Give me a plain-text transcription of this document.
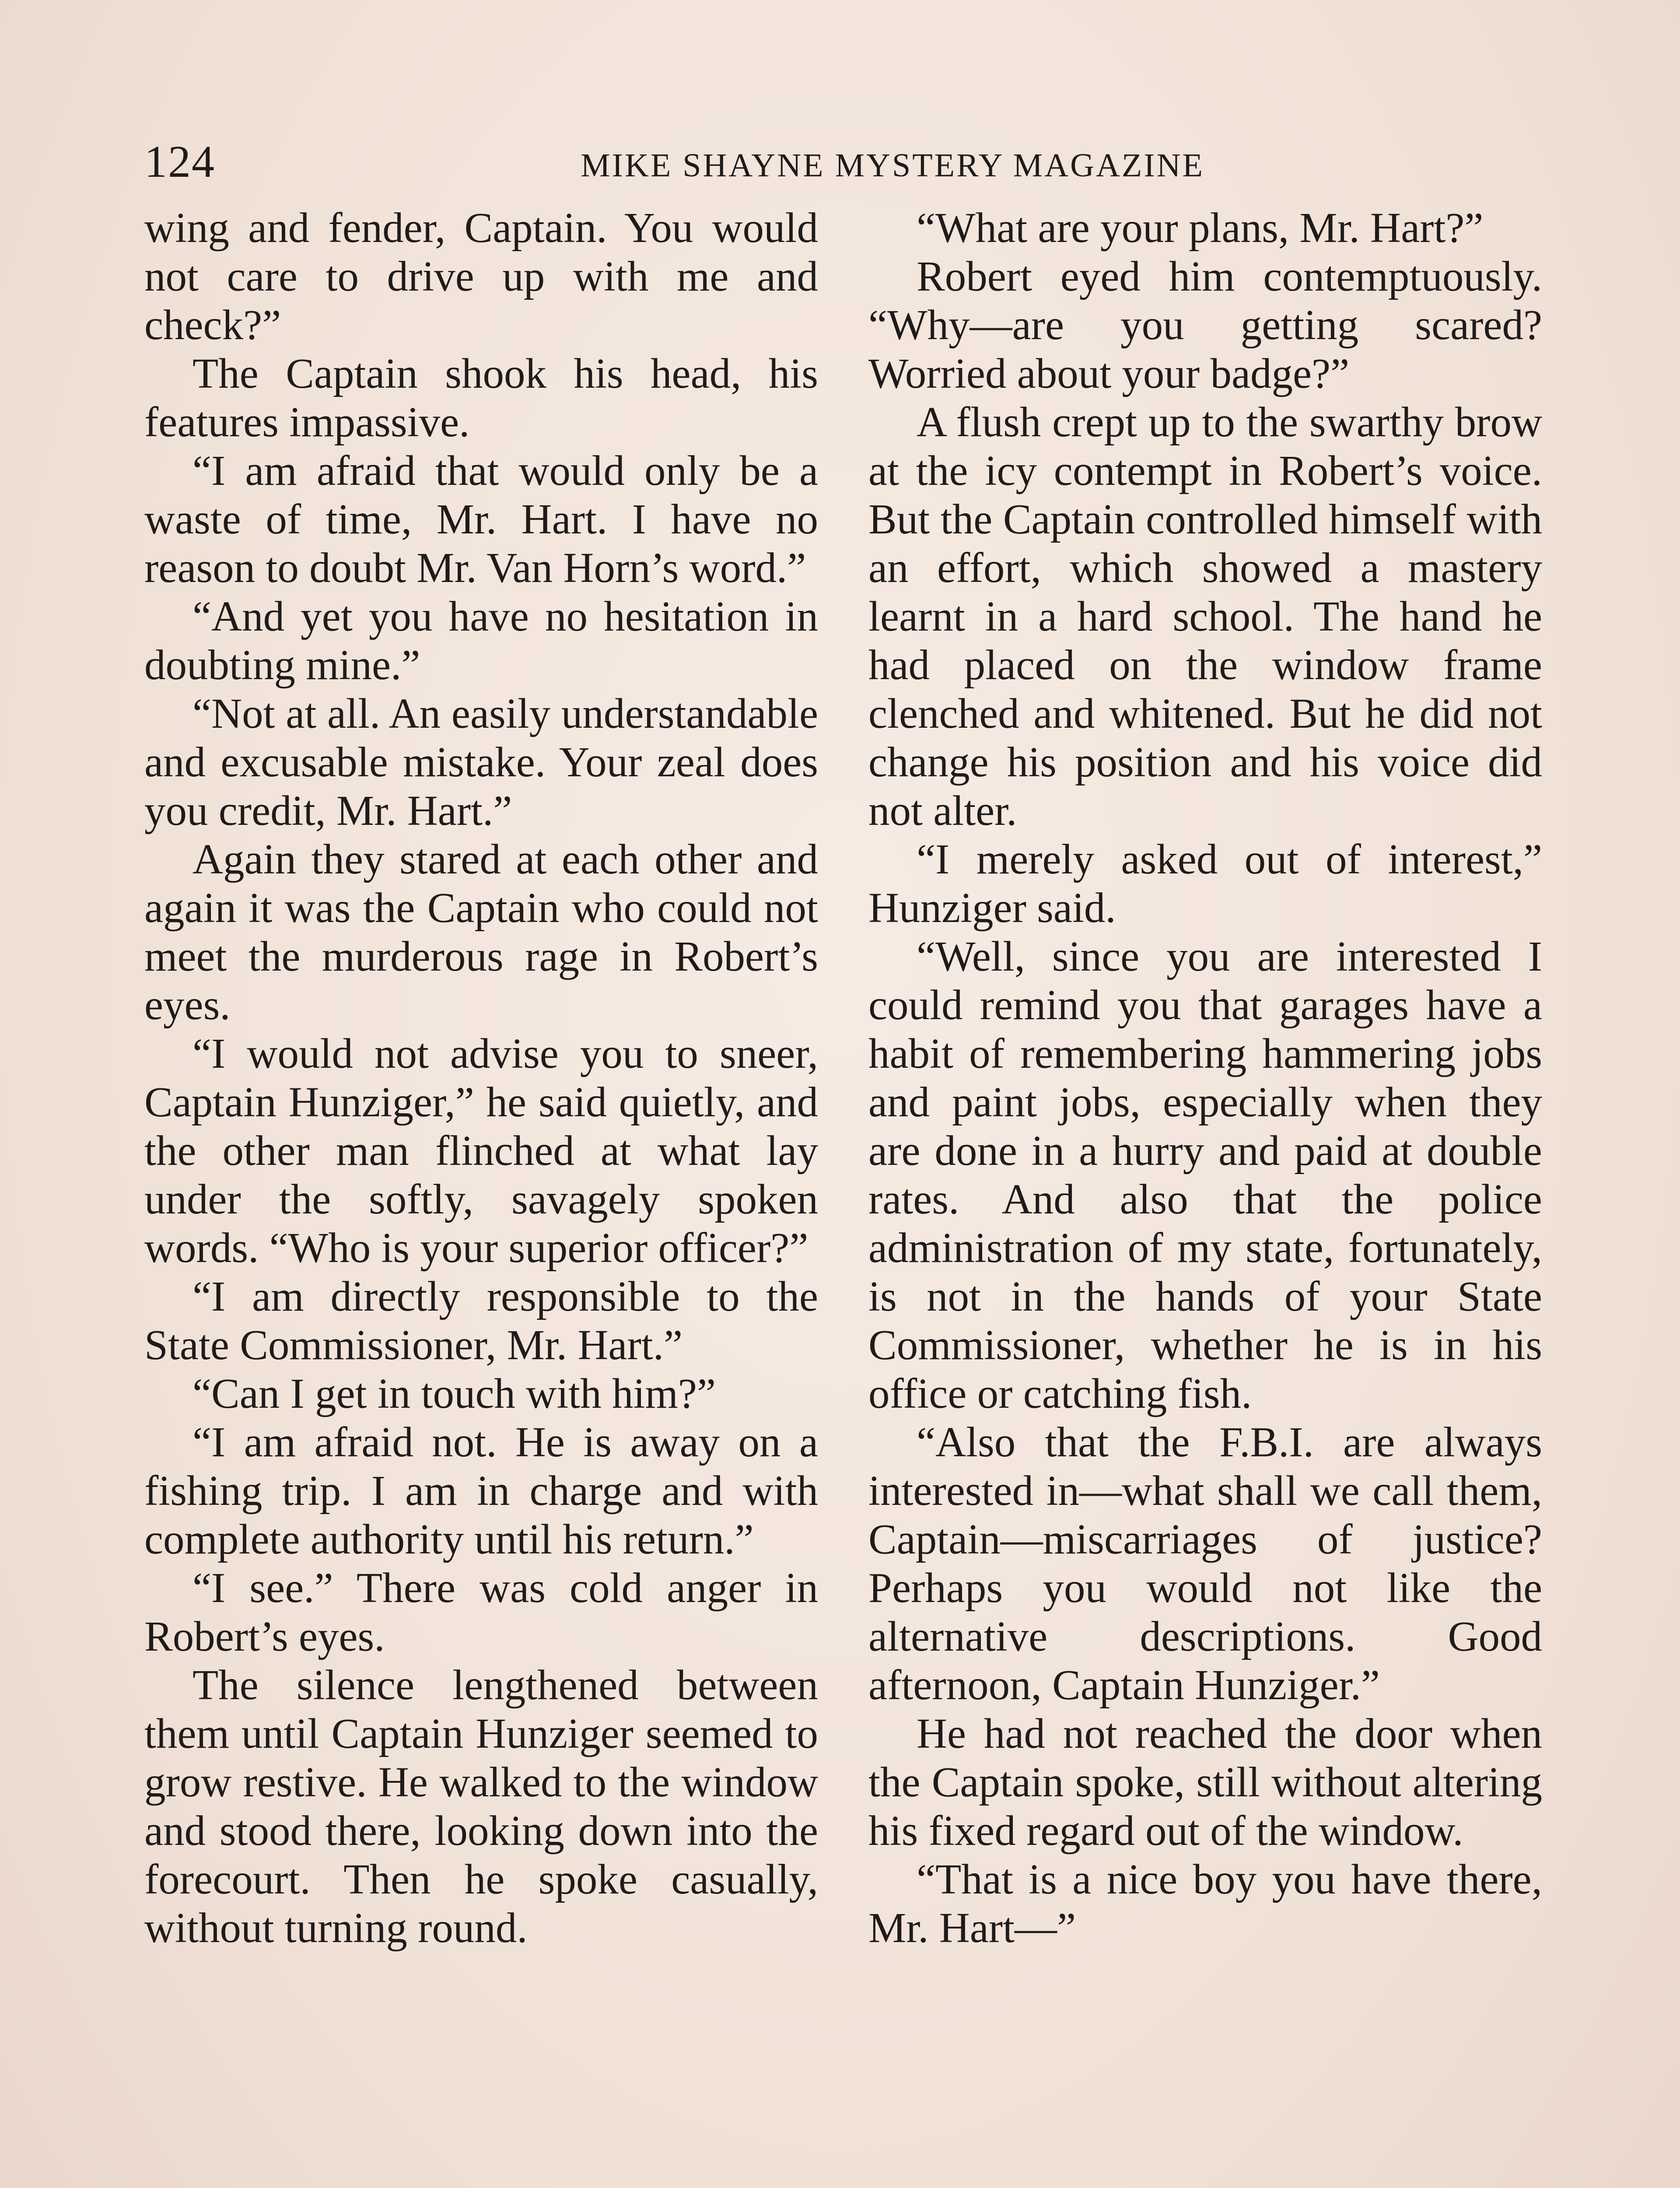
124	MIKE SHAYNE MYSTERY MAGAZINE

wing and fender, Captain. You would not care to drive up with me and check?”

The Captain shook his head, his features impassive.

“I am afraid that would only be a waste of time, Mr. Hart. I have no reason to doubt Mr. Van Horn’s word.”

“And yet you have no hesitation in doubting mine.”

“Not at all. An easily understandable and excusable mistake. Your zeal does you credit, Mr. Hart.”

Again they stared at each other and again it was the Captain who could not meet the murderous rage in Robert’s eyes.

“I would not advise you to sneer, Captain Hunziger,” he said quietly, and the other man flinched at what lay under the softly, savagely spoken words. “Who is your superior officer?”

“I am directly responsible to the State Commissioner, Mr. Hart.”

“Can I get in touch with him?”

“I am afraid not. He is away on a fishing trip. I am in charge and with complete authority until his return.”

“I see.” There was cold anger in Robert’s eyes.

The silence lengthened between them until Captain Hunziger seemed to grow restive. He walked to the window and stood there, looking down into the forecourt. Then he spoke casually, without turning round.

“What are your plans, Mr. Hart?”

Robert eyed him contemptuously. “Why—are you getting scared? Worried about your badge?”

A flush crept up to the swarthy brow at the icy contempt in Robert’s voice. But the Captain controlled himself with an effort, which showed a mastery learnt in a hard school. The hand he had placed on the window frame clenched and whitened. But he did not change his position and his voice did not alter.

“I merely asked out of interest,” Hunziger said.

“Well, since you are interested I could remind you that garages have a habit of remembering hammering jobs and paint jobs, especially when they are done in a hurry and paid at double rates. And also that the police administration of my state, fortunately, is not in the hands of your State Commissioner, whether he is in his office or catching fish.

“Also that the F.B.I. are always interested in—what shall we call them, Captain—miscarriages of justice? Perhaps you would not like the alternative descriptions. Good afternoon, Captain Hunziger.”

He had not reached the door when the Captain spoke, still without altering his fixed regard out of the window.

“That is a nice boy you have there, Mr. Hart—”
